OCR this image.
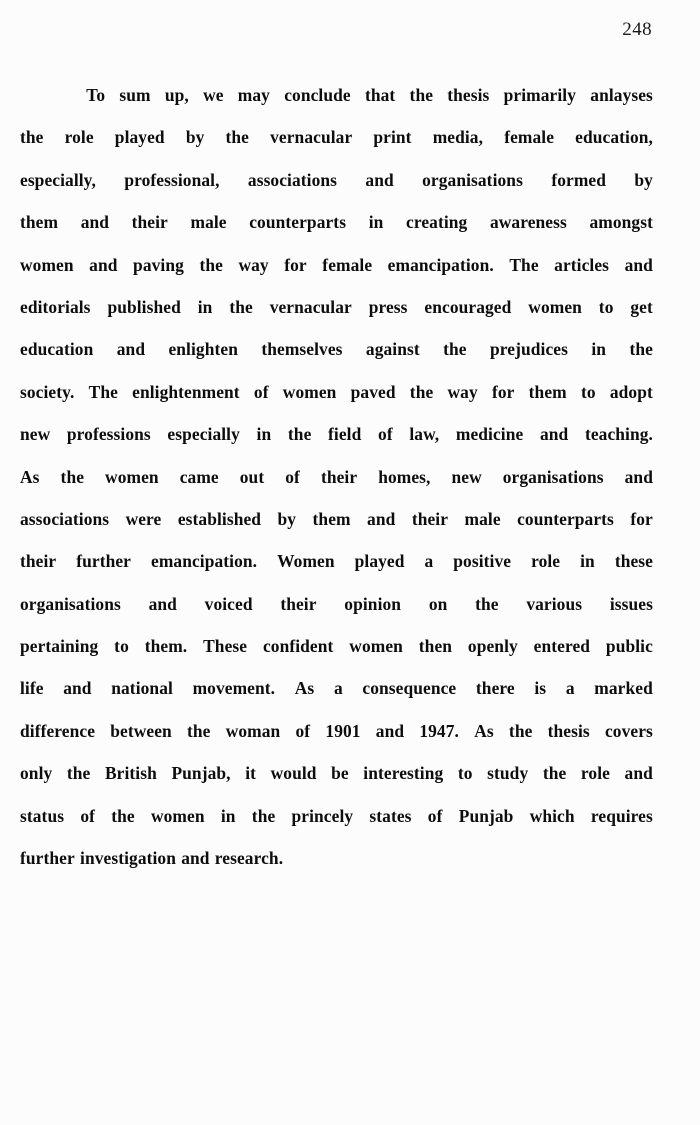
248
To sum up, we may conclude that the thesis primarily anlayses
the role played by the vernacular print media, female education,
especially, professional, associations and organisations formed by
them and their male counterparts in creating awareness amongst
women and paving the way for female emancipation. The articles and
editorials published in the vernacular press encouraged women to get
education and enlighten themselves against the prejudices in the
society. The enlightenment of women paved the way for them to adopt
new professions especially in the field of law, medicine and teaching.
As the women came out of their homes, new organisations and
associations were established by them and their male counterparts for
their further emancipation. Women played a positive role in these
organisations and voiced their opinion on the various issues
pertaining to them. These confident women then openly entered public
life and national movement. As a consequence there is a marked
difference between the woman of 1901 and 1947. As the thesis covers
only the British Punjab, it would be interesting to study the role and
status of the women in the princely states of Punjab which requires
further investigation and research.
